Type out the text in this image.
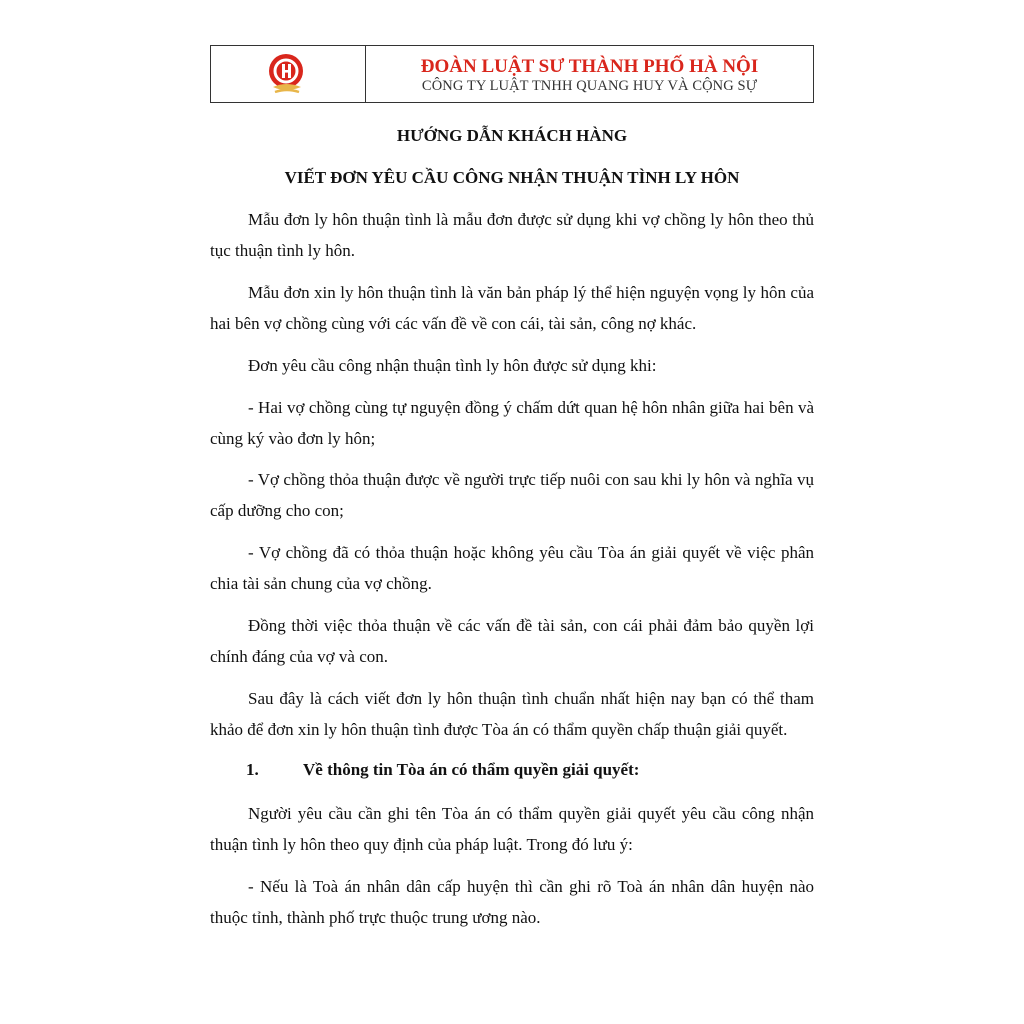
ĐOÀN LUẬT SƯ THÀNH PHỐ HÀ NỘI
CÔNG TY LUẬT TNHH QUANG HUY VÀ CỘNG SỰ
HƯỚNG DẪN KHÁCH HÀNG
VIẾT ĐƠN YÊU CẦU CÔNG NHẬN THUẬN TÌNH LY HÔN

Mẫu đơn ly hôn thuận tình là mẫu đơn được sử dụng khi vợ chồng ly hôn theo thủ tục thuận tình ly hôn.

Mẫu đơn xin ly hôn thuận tình là văn bản pháp lý thể hiện nguyện vọng ly hôn của hai bên vợ chồng cùng với các vấn đề về con cái, tài sản, công nợ khác.

Đơn yêu cầu công nhận thuận tình ly hôn được sử dụng khi:

- Hai vợ chồng cùng tự nguyện đồng ý chấm dứt quan hệ hôn nhân giữa hai bên và cùng ký vào đơn ly hôn;

- Vợ chồng thỏa thuận được về người trực tiếp nuôi con sau khi ly hôn và nghĩa vụ cấp dưỡng cho con;

- Vợ chồng đã có thỏa thuận hoặc không yêu cầu Tòa án giải quyết về việc phân chia tài sản chung của vợ chồng.

Đồng thời việc thỏa thuận về các vấn đề tài sản, con cái phải đảm bảo quyền lợi chính đáng của vợ và con.

Sau đây là cách viết đơn ly hôn thuận tình chuẩn nhất hiện nay bạn có thể tham khảo để đơn xin ly hôn thuận tình được Tòa án có thẩm quyền chấp thuận giải quyết.

1.	Về thông tin Tòa án có thẩm quyền giải quyết:

Người yêu cầu cần ghi tên Tòa án có thẩm quyền giải quyết yêu cầu công nhận thuận tình ly hôn theo quy định của pháp luật. Trong đó lưu ý:

- Nếu là Toà án nhân dân cấp huyện thì cần ghi rõ Toà án nhân dân huyện nào thuộc tỉnh, thành phố trực thuộc trung ương nào.
